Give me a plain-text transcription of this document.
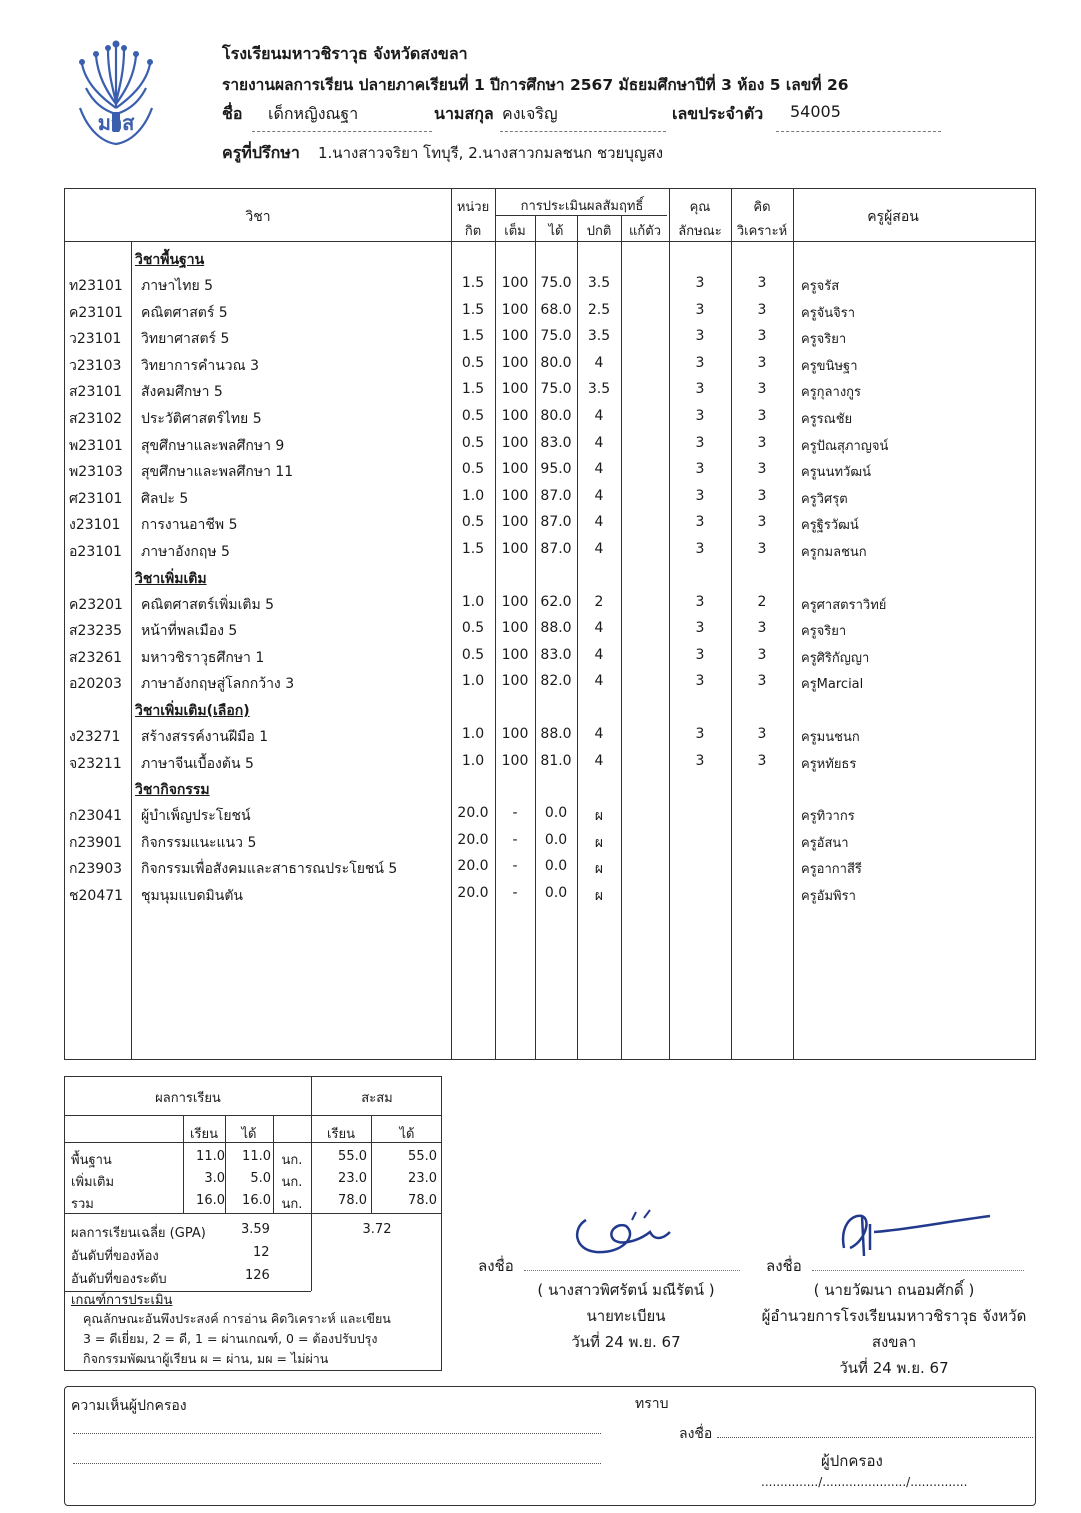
มวส
โรงเรียนมหาวชิราวุธ จังหวัดสงขลา
รายงานผลการเรียน ปลายภาคเรียนที่ 1 ปีการศึกษา 2567 มัธยมศึกษาปีที่ 3 ห้อง 5 เลขที่ 26
ชื่อ เด็กหญิงณฐา	นามสกุล คงเจริญ	เลขประจำตัว 54005
ครูที่ปรึกษา 1.นางสาวจริยา โทบุรี, 2.นางสาวกมลชนก ชวยบุญสง
วิชา
หน่วย
กิต
การประเมินผลสัมฤทธิ์
เต็ม	ได้	ปกติ	แก้ตัว
คุณ
ลักษณะ
คิด
วิเคราะห์
ครูผู้สอน
วิชาพื้นฐาน
ท23101 ภาษาไทย 5	1.5	100 75.0	3.5	3	3	ครูจรัส
ค23101 คณิตศาสตร์ 5	1.5	100 68.0	2.5	3	3	ครูจันจิรา
ว23101 วิทยาศาสตร์ 5	1.5	100 75.0	3.5	3	3	ครูจริยา
ว23103 วิทยาการคำนวณ 3	0.5	100 80.0	4	3	3	ครูขนิษฐา
ส23101 สังคมศึกษา 5	1.5	100 75.0	3.5	3	3	ครูกุลางกูร
ส23102 ประวัติศาสตร์ไทย 5	0.5	100 80.0	4	3	3	ครูรณชัย
พ23101 สุขศึกษาและพลศึกษา 9	0.5	100 83.0	4	3	3	ครูปัณสุภาญจน์
พ23103 สุขศึกษาและพลศึกษา 11	0.5	100 95.0	4	3	3	ครูนนทวัฒน์
ศ23101 ศิลปะ 5	1.0	100 87.0	4	3	3	ครูวิศรุต
ง23101 การงานอาชีพ 5	0.5	100 87.0	4	3	3	ครูฐิรวัฒน์
อ23101 ภาษาอังกฤษ 5	1.5	100 87.0	4	3	3	ครูกมลชนก
วิชาเพิ่มเติม
ค23201 คณิตศาสตร์เพิ่มเติม 5	1.0	100 62.0	2	3	2	ครูศาสตราวิทย์
ส23235 หน้าที่พลเมือง 5	0.5	100 88.0	4	3	3	ครูจริยา
ส23261 มหาวชิราวุธศึกษา 1	0.5	100 83.0	4	3	3	ครูศิริกัญญา
อ20203 ภาษาอังกฤษสู่โลกกว้าง 3	1.0	100 82.0	4	3	3	ครูMarcial
วิชาเพิ่มเติม(เลือก)
ง23271 สร้างสรรค์งานฝีมือ 1	1.0	100 88.0	4	3	3	ครูมนชนก
จ23211 ภาษาจีนเบื้องต้น 5	1.0	100 81.0	4	3	3	ครูหทัยธร
วิชากิจกรรม
ก23041 ผู้บำเพ็ญประโยชน์	20.0	-	0.0	ผ	ครูทิวากร
ก23901 กิจกรรมแนะแนว 5	20.0	-	0.0	ผ	ครูอัสนา
ก23903 กิจกรรมเพื่อสังคมและสาธารณประโยชน์ 5	20.0	-	0.0	ผ	ครูอากาสีรี
ช20471 ชุมนุมแบดมินตัน	20.0	-	0.0	ผ	ครูอัมพิรา
ผลการเรียน	สะสม
เรียน	ได้	เรียน	ได้
พื้นฐาน	11.0	11.0 นก.	55.0	55.0
เพิ่มเติม	3.0	5.0 นก.	23.0	23.0
รวม	16.0	16.0 นก.	78.0	78.0
ผลการเรียนเฉลี่ย (GPA)	3.59	3.72
อันดับที่ของห้อง	12
อันดับที่ของระดับ	126
เกณฑ์การประเมิน
คุณลักษณะอันพึงประสงค์ การอ่าน คิดวิเคราะห์ และเขียน
3 = ดีเยี่ยม, 2 = ดี, 1 = ผ่านเกณฑ์, 0 = ต้องปรับปรุง
กิจกรรมพัฒนาผู้เรียน ผ = ผ่าน, มผ = ไม่ผ่าน
ลงชื่อ
( นางสาวพิศรัตน์ มณีรัตน์ )
นายทะเบียน
วันที่ 24 พ.ย. 67
ลงชื่อ
( นายวัฒนา ถนอมศักดิ์ )
ผู้อำนวยการโรงเรียนมหาวชิราวุธ จังหวัด
สงขลา
วันที่ 24 พ.ย. 67
ความเห็นผู้ปกครอง	ทราบ
ลงชื่อ
ผู้ปกครอง
.............../....................../...............
